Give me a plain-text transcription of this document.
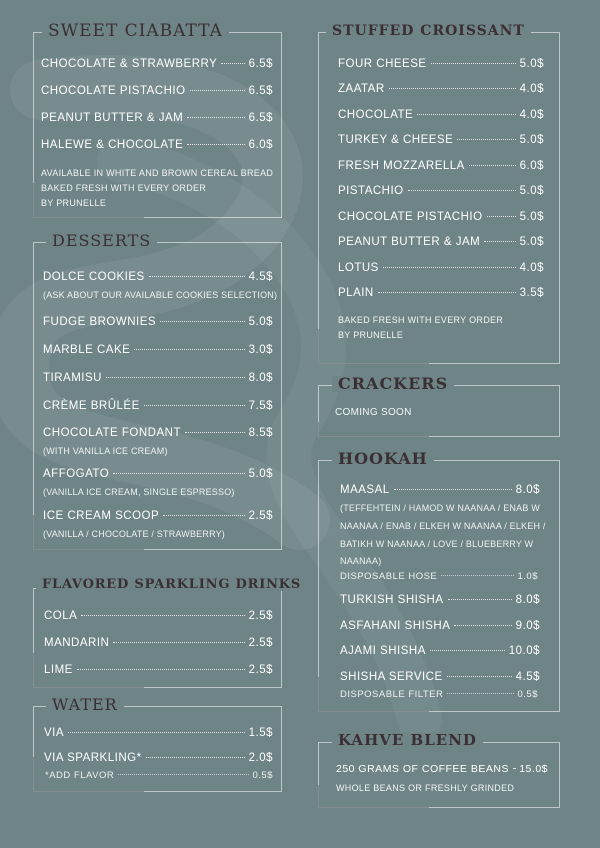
SWEET CIABATTA
CHOCOLATE & STRAWBERRY	6.5$
CHOCOLATE PISTACHIO	6.5$
PEANUT BUTTER & JAM	6.5$
HALEWE & CHOCOLATE	6.0$
AVAILABLE IN WHITE AND BROWN CEREAL BREAD
BAKED FRESH WITH EVERY ORDER
BY PRUNELLE
DESSERTS
DOLCE COOKIES	4.5$
(ASK ABOUT OUR AVAILABLE COOKIES SELECTION)
FUDGE BROWNIES	5.0$
MARBLE CAKE	3.0$
TIRAMISU	8.0$
CRÈME BRÛLÉE	7.5$
CHOCOLATE FONDANT	8.5$
(WITH VANILLA ICE CREAM)
AFFOGATO	5.0$
(VANILLA ICE CREAM, SINGLE ESPRESSO)
ICE CREAM SCOOP	2.5$
(VANILLA / CHOCOLATE / STRAWBERRY)
FLAVORED SPARKLING DRINKS
COLA	2.5$
MANDARIN	2.5$
LIME	2.5$
WATER
VIA	1.5$
VIA SPARKLING*	2.0$
*ADD FLAVOR	0.5$
STUFFED CROISSANT
FOUR CHEESE	5.0$
ZAATAR	4.0$
CHOCOLATE	4.0$
TURKEY & CHEESE	5.0$
FRESH MOZZARELLA	6.0$
PISTACHIO	5.0$
CHOCOLATE PISTACHIO	5.0$
PEANUT BUTTER & JAM	5.0$
LOTUS	4.0$
PLAIN	3.5$
BAKED FRESH WITH EVERY ORDER
BY PRUNELLE
CRACKERS
COMING SOON
HOOKAH
MAASAL	8.0$
(TEFFEHTEIN / HAMOD W NAANAA / ENAB W
NAANAA / ENAB / ELKEH W NAANAA / ELKEH /
BATIKH W NAANAA / LOVE / BLUEBERRY W
NAANAA)
DISPOSABLE HOSE	1.0$
TURKISH SHISHA	8.0$
ASFAHANI SHISHA	9.0$
AJAMI SHISHA	10.0$
SHISHA SERVICE	4.5$
DISPOSABLE FILTER	0.5$
KAHVE BLEND
250 GRAMS OF COFFEE BEANS 15.0$
WHOLE BEANS OR FRESHLY GRINDED
